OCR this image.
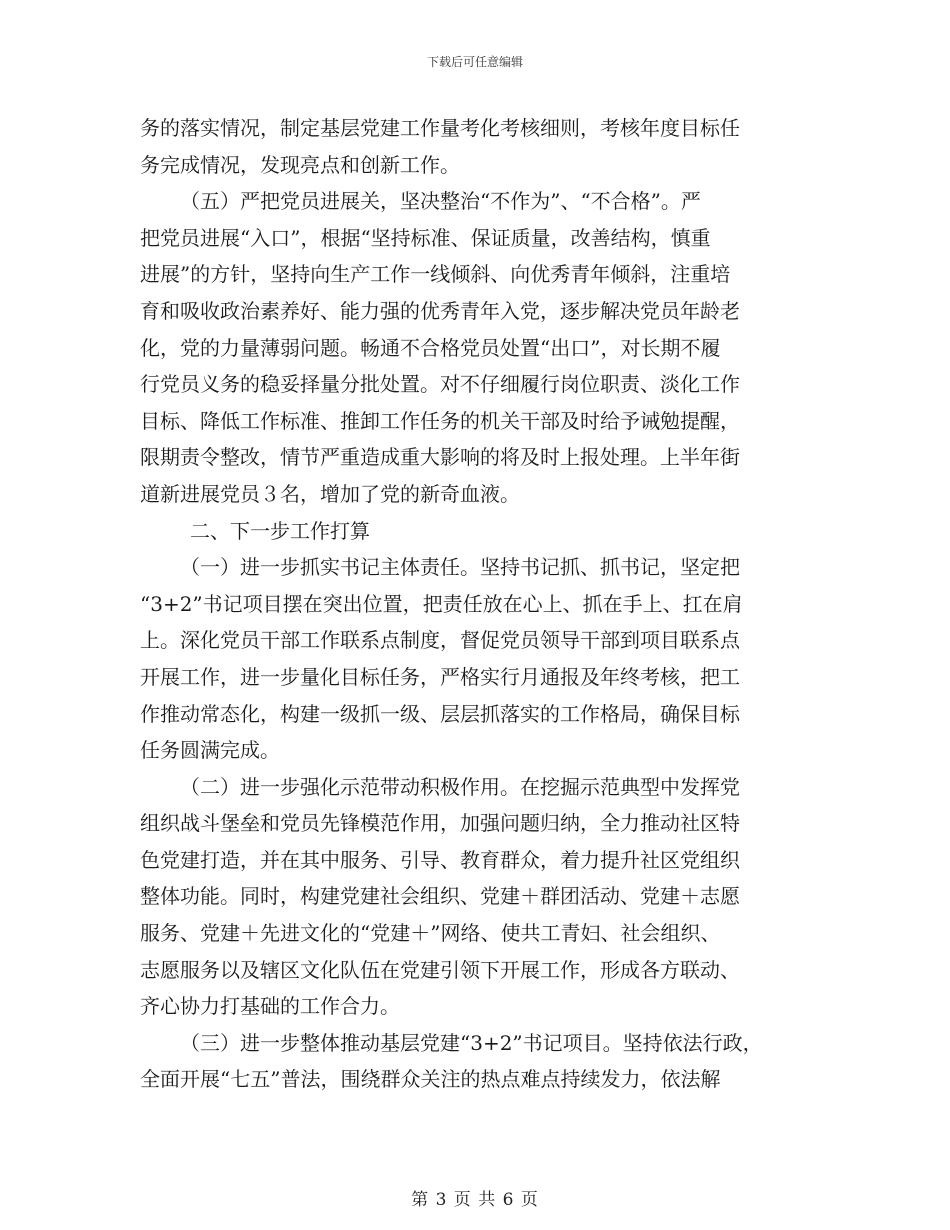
下载后可任意编辑
务的落实情况，制定基层党建工作量考化考核细则，考核年度目标任
务完成情况，发现亮点和创新工作。
（五）严把党员进展关，坚决整治“不作为”、“不合格”。严
把党员进展“入口”，根据“坚持标准、保证质量，改善结构，慎重
进展”的方针，坚持向生产工作一线倾斜、向优秀青年倾斜，注重培
育和吸收政治素养好、能力强的优秀青年入党，逐步解决党员年龄老
化，党的力量薄弱问题。畅通不合格党员处置“出口”，对长期不履
行党员义务的稳妥择量分批处置。对不仔细履行岗位职责、淡化工作
目标、降低工作标准、推卸工作任务的机关干部及时给予诫勉提醒，
限期责令整改，情节严重造成重大影响的将及时上报处理。上半年街
道新进展党员３名，增加了党的新奇血液。
二、下一步工作打算
（一）进一步抓实书记主体责任。坚持书记抓、抓书记，坚定把
“3+2”书记项目摆在突出位置，把责任放在心上、抓在手上、扛在肩
上。深化党员干部工作联系点制度，督促党员领导干部到项目联系点
开展工作，进一步量化目标任务，严格实行月通报及年终考核，把工
作推动常态化，构建一级抓一级、层层抓落实的工作格局，确保目标
任务圆满完成。
（二）进一步强化示范带动积极作用。在挖掘示范典型中发挥党
组织战斗堡垒和党员先锋模范作用，加强问题归纳，全力推动社区特
色党建打造，并在其中服务、引导、教育群众，着力提升社区党组织
整体功能。同时，构建党建社会组织、党建＋群团活动、党建＋志愿
服务、党建＋先进文化的“党建＋”网络、使共工青妇、社会组织、
志愿服务以及辖区文化队伍在党建引领下开展工作，形成各方联动、
齐心协力打基础的工作合力。
（三）进一步整体推动基层党建“3+2”书记项目。坚持依法行政，
全面开展“七五”普法，围绕群众关注的热点难点持续发力，依法解
第 3 页 共 6 页
